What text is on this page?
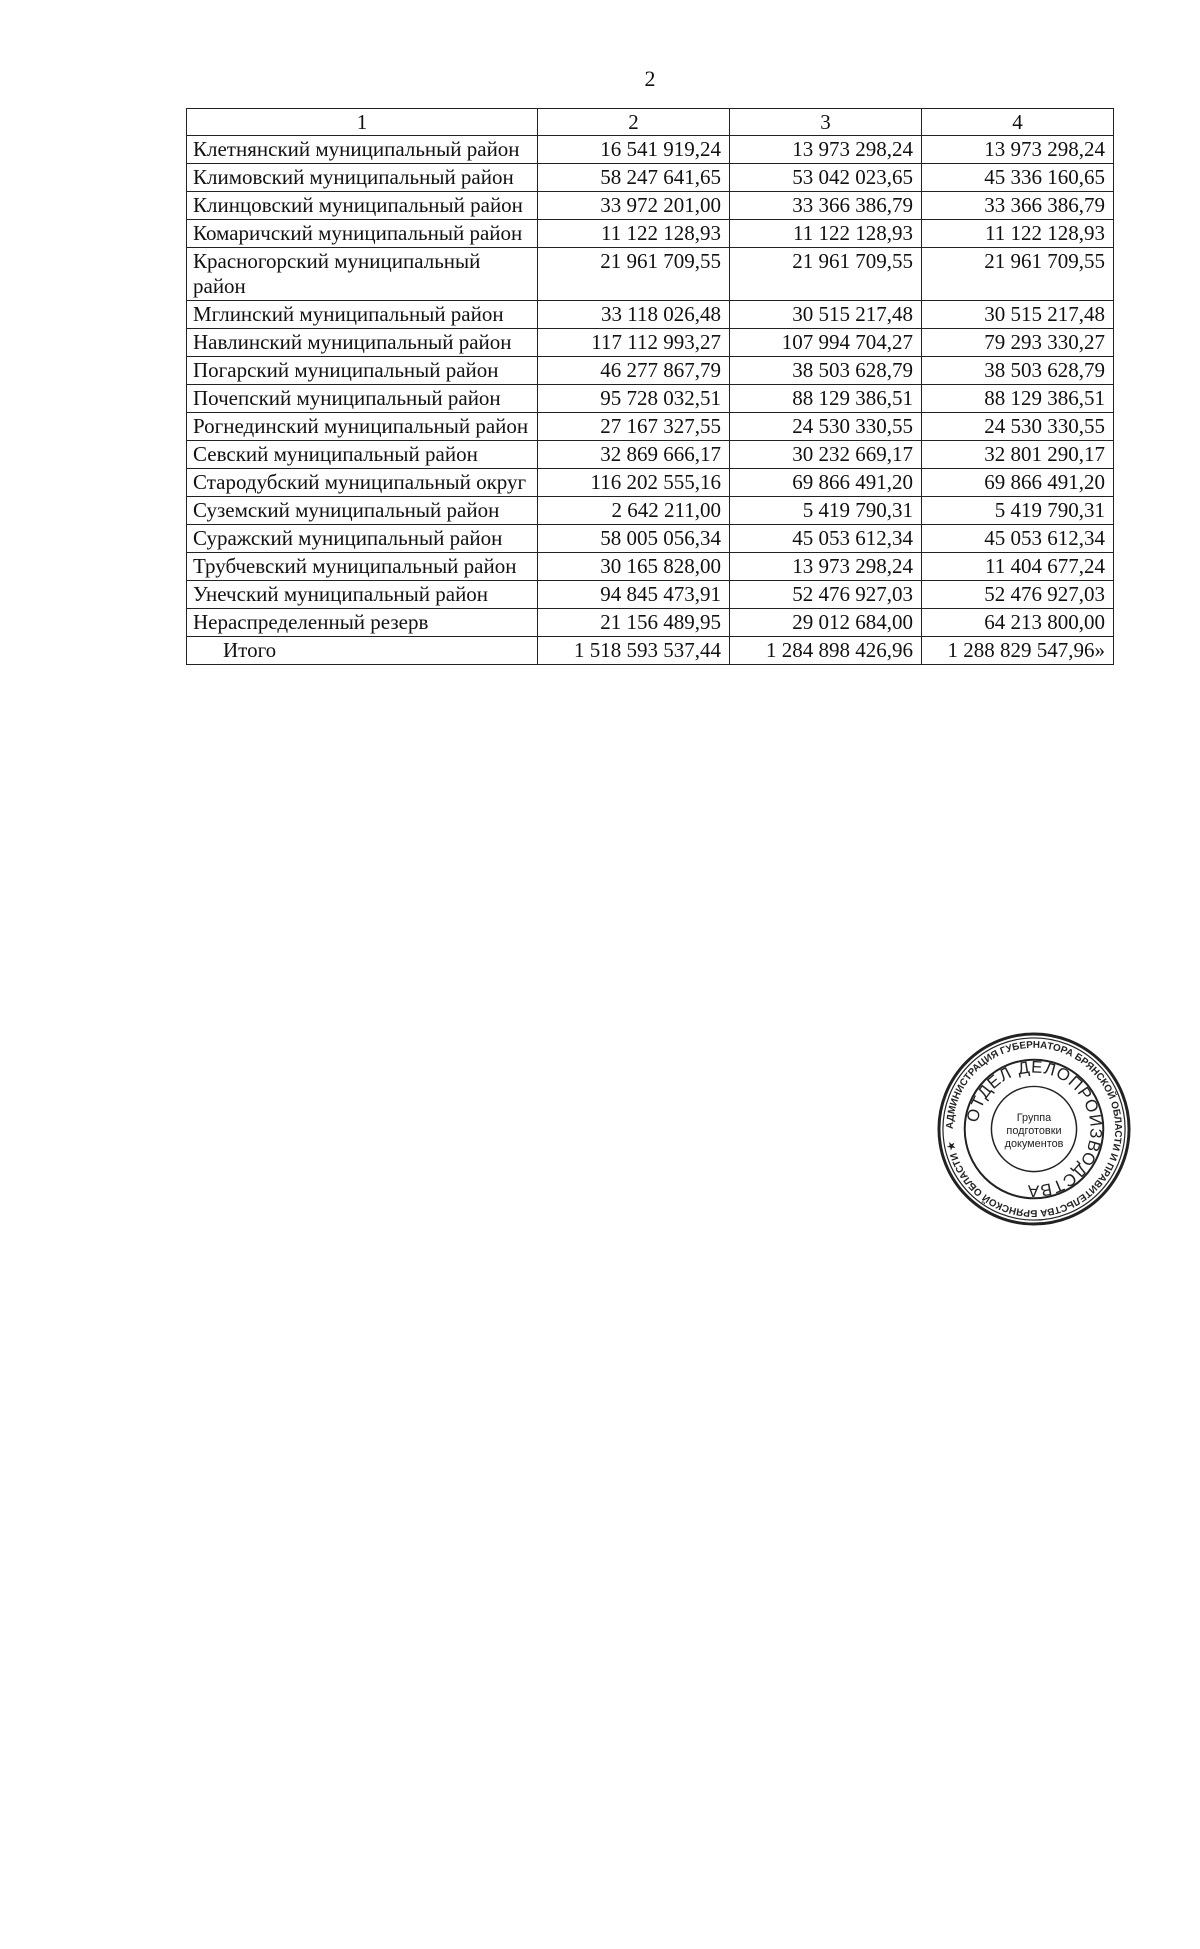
2
1	2	3	4
Клетнянский муниципальный район	16 541 919,24	13 973 298,24	13 973 298,24
Климовский муниципальный район	58 247 641,65	53 042 023,65	45 336 160,65
Клинцовский муниципальный район	33 972 201,00	33 366 386,79	33 366 386,79
Комаричский муниципальный район	11 122 128,93	11 122 128,93	11 122 128,93
Красногорский муниципальный район	21 961 709,55	21 961 709,55	21 961 709,55
Мглинский муниципальный район	33 118 026,48	30 515 217,48	30 515 217,48
Навлинский муниципальный район	117 112 993,27	107 994 704,27	79 293 330,27
Погарский муниципальный район	46 277 867,79	38 503 628,79	38 503 628,79
Почепский муниципальный район	95 728 032,51	88 129 386,51	88 129 386,51
Рогнединский муниципальный район	27 167 327,55	24 530 330,55	24 530 330,55
Севский муниципальный район	32 869 666,17	30 232 669,17	32 801 290,17
Стародубский муниципальный округ	116 202 555,16	69 866 491,20	69 866 491,20
Суземский муниципальный район	2 642 211,00	5 419 790,31	5 419 790,31
Суражский муниципальный район	58 005 056,34	45 053 612,34	45 053 612,34
Трубчевский муниципальный район	30 165 828,00	13 973 298,24	11 404 677,24
Унечский муниципальный район	94 845 473,91	52 476 927,03	52 476 927,03
Нераспределенный резерв	21 156 489,95	29 012 684,00	64 213 800,00
Итого	1 518 593 537,44	1 284 898 426,96	1 288 829 547,96»
АДМИНИСТРАЦИЯ ГУБЕРНАТОРА БРЯНСКОЙ ОБЛАСТИ И ПРАВИТЕЛЬСТВА БРЯНСКОЙ ОБЛАСТИ ★
ОТДЕЛ ДЕЛОПРОИЗВОДСТВА
Группа
подготовки
документов
